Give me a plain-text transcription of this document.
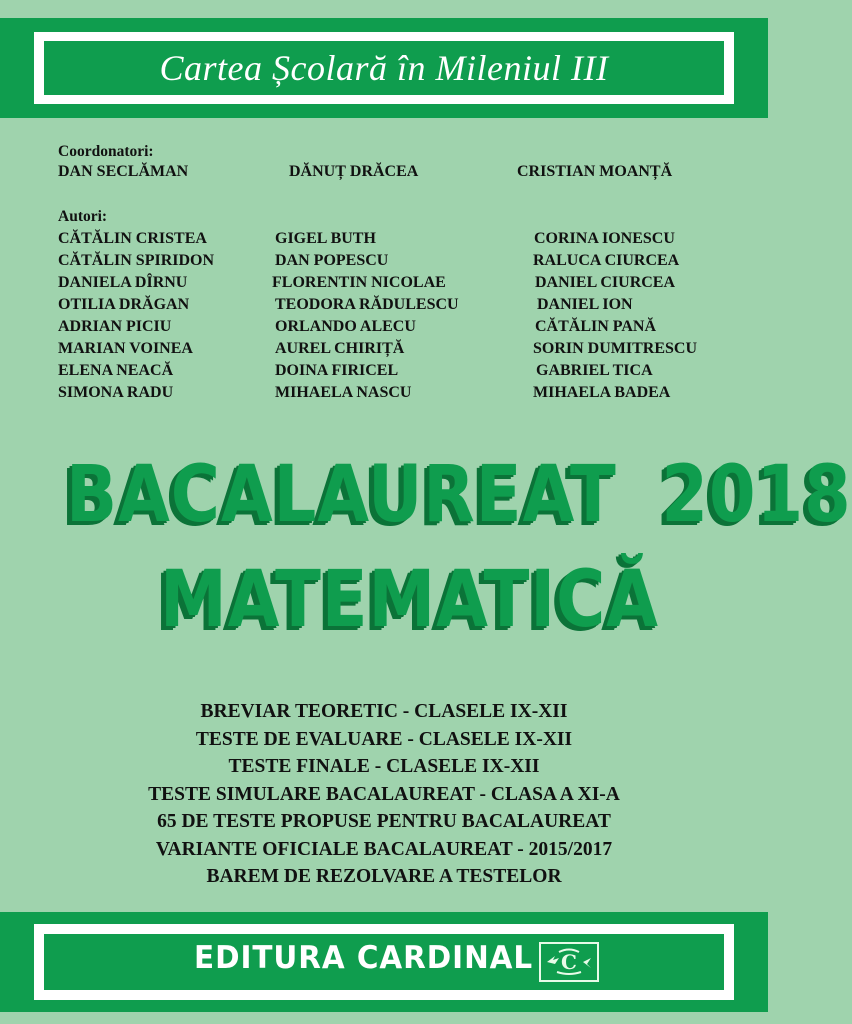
Cartea Școlară în Mileniul III
Coordonatori:
DAN SECLĂMAN	DĂNUȚ DRĂCEA	CRISTIAN MOANȚĂ
Autori:
CĂTĂLIN CRISTEA
CĂTĂLIN SPIRIDON
DANIELA DÎRNU
OTILIA DRĂGAN
ADRIAN PICIU
MARIAN VOINEA
ELENA NEACĂ
SIMONA RADU
GIGEL BUTH
DAN POPESCU
FLORENTIN NICOLAE
TEODORA RĂDULESCU
ORLANDO ALECU
AUREL CHIRIȚĂ
DOINA FIRICEL
MIHAELA NASCU
CORINA IONESCU
RALUCA CIURCEA
DANIEL CIURCEA
DANIEL ION
CĂTĂLIN PANĂ
SORIN DUMITRESCU
GABRIEL TICA
MIHAELA BADEA
BACALAUREAT 2018
MATEMATICĂ
BREVIAR TEORETIC - CLASELE IX-XII
TESTE DE EVALUARE - CLASELE IX-XII
TESTE FINALE - CLASELE IX-XII
TESTE SIMULARE BACALAUREAT - CLASA A XI-A
65 DE TESTE PROPUSE PENTRU BACALAUREAT
VARIANTE OFICIALE BACALAUREAT - 2015/2017
BAREM DE REZOLVARE A TESTELOR
EDITURA CARDINAL C
